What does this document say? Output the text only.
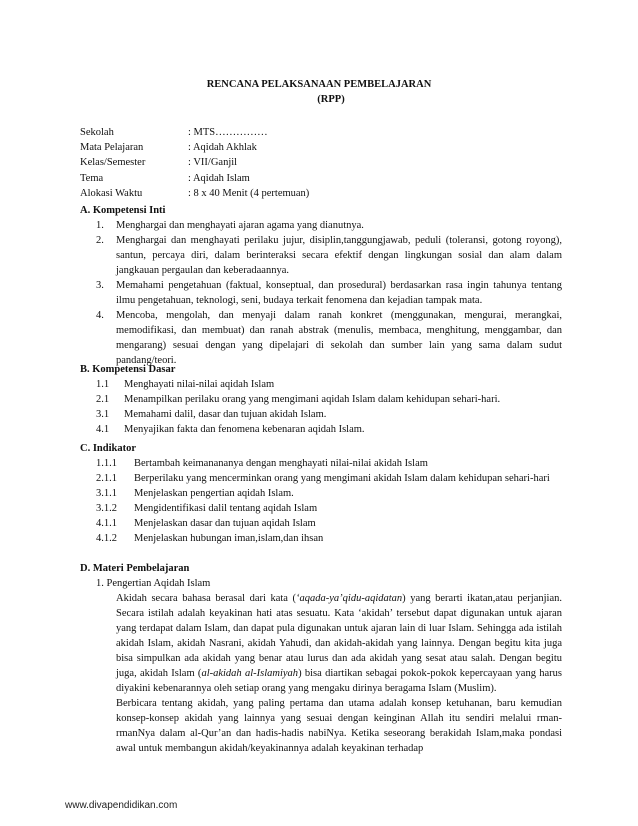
RENCANA PELAKSANAAN PEMBELAJARAN
(RPP)
Sekolah	: MTS……………
Mata Pelajaran	: Aqidah Akhlak
Kelas/Semester	: VII/Ganjil
Tema	: Aqidah Islam
Alokasi Waktu	: 8 x 40 Menit (4 pertemuan)
A. Kompetensi Inti
1.	Menghargai dan menghayati ajaran agama yang dianutnya.
2.	Menghargai dan menghayati perilaku jujur, disiplin,tanggungjawab, peduli (toleransi, gotong royong), santun, percaya diri, dalam berinteraksi secara efektif dengan lingkungan sosial dan alam dalam jangkauan pergaulan dan keberadaannya.
3.	Memahami pengetahuan (faktual, konseptual, dan prosedural) berdasarkan rasa ingin tahunya tentang ilmu pengetahuan, teknologi, seni, budaya terkait fenomena dan kejadian tampak mata.
4.	Mencoba, mengolah, dan menyaji dalam ranah konkret (menggunakan, mengurai, merangkai, memodifikasi, dan membuat) dan ranah abstrak (menulis, membaca, menghitung, menggambar, dan mengarang) sesuai dengan yang dipelajari di sekolah dan sumber lain yang sama dalam sudut pandang/teori.
B. Kompetensi Dasar
1.1	Menghayati nilai-nilai aqidah Islam
2.1	Menampilkan perilaku orang yang mengimani aqidah Islam dalam kehidupan sehari-hari.
3.1	Memahami dalil, dasar dan tujuan akidah Islam.
4.1	Menyajikan fakta dan fenomena kebenaran aqidah Islam.
C. Indikator
1.1.1	Bertambah keimanananya dengan menghayati nilai-nilai akidah Islam
2.1.1	Berperilaku yang mencerminkan orang yang mengimani akidah Islam dalam kehidupan sehari-hari
3.1.1	Menjelaskan pengertian aqidah Islam.
3.1.2	Mengidentifikasi dalil tentang aqidah Islam
4.1.1	Menjelaskan dasar dan tujuan aqidah Islam
4.1.2	Menjelaskan hubungan iman,islam,dan ihsan
D. Materi Pembelajaran
1. Pengertian Aqidah Islam

Akidah secara bahasa berasal dari kata (‘aqada-ya’qidu-aqidatan) yang berarti ikatan,atau perjanjian. Secara istilah adalah keyakinan hati atas sesuatu. Kata ‘akidah’ tersebut dapat digunakan untuk ajaran yang terdapat dalam Islam, dan dapat pula digunakan untuk ajaran lain di luar Islam. Sehingga ada istilah akidah Islam, akidah Nasrani, akidah Yahudi, dan akidah-akidah yang lainnya. Dengan begitu kita juga bisa simpulkan ada akidah yang benar atau lurus dan ada akidah yang sesat atau salah. Dengan begitu juga, akidah Islam (al-akidah al-Islamiyah) bisa diartikan sebagai pokok-pokok kepercayaan yang harus diyakini kebenarannya oleh setiap orang yang mengaku dirinya beragama Islam (Muslim).

Berbicara tentang akidah, yang paling pertama dan utama adalah konsep ketuhanan, baru kemudian konsep-konsep akidah yang lainnya yang sesuai dengan keinginan Allah itu sendiri melalui rman-rmanNya dalam al-Qur’an dan hadis-hadis nabiNya. Ketika seseorang berakidah Islam,maka pondasi awal untuk membangun akidah/keyakinannya adalah keyakinan terhadap

www.divapendidikan.com
